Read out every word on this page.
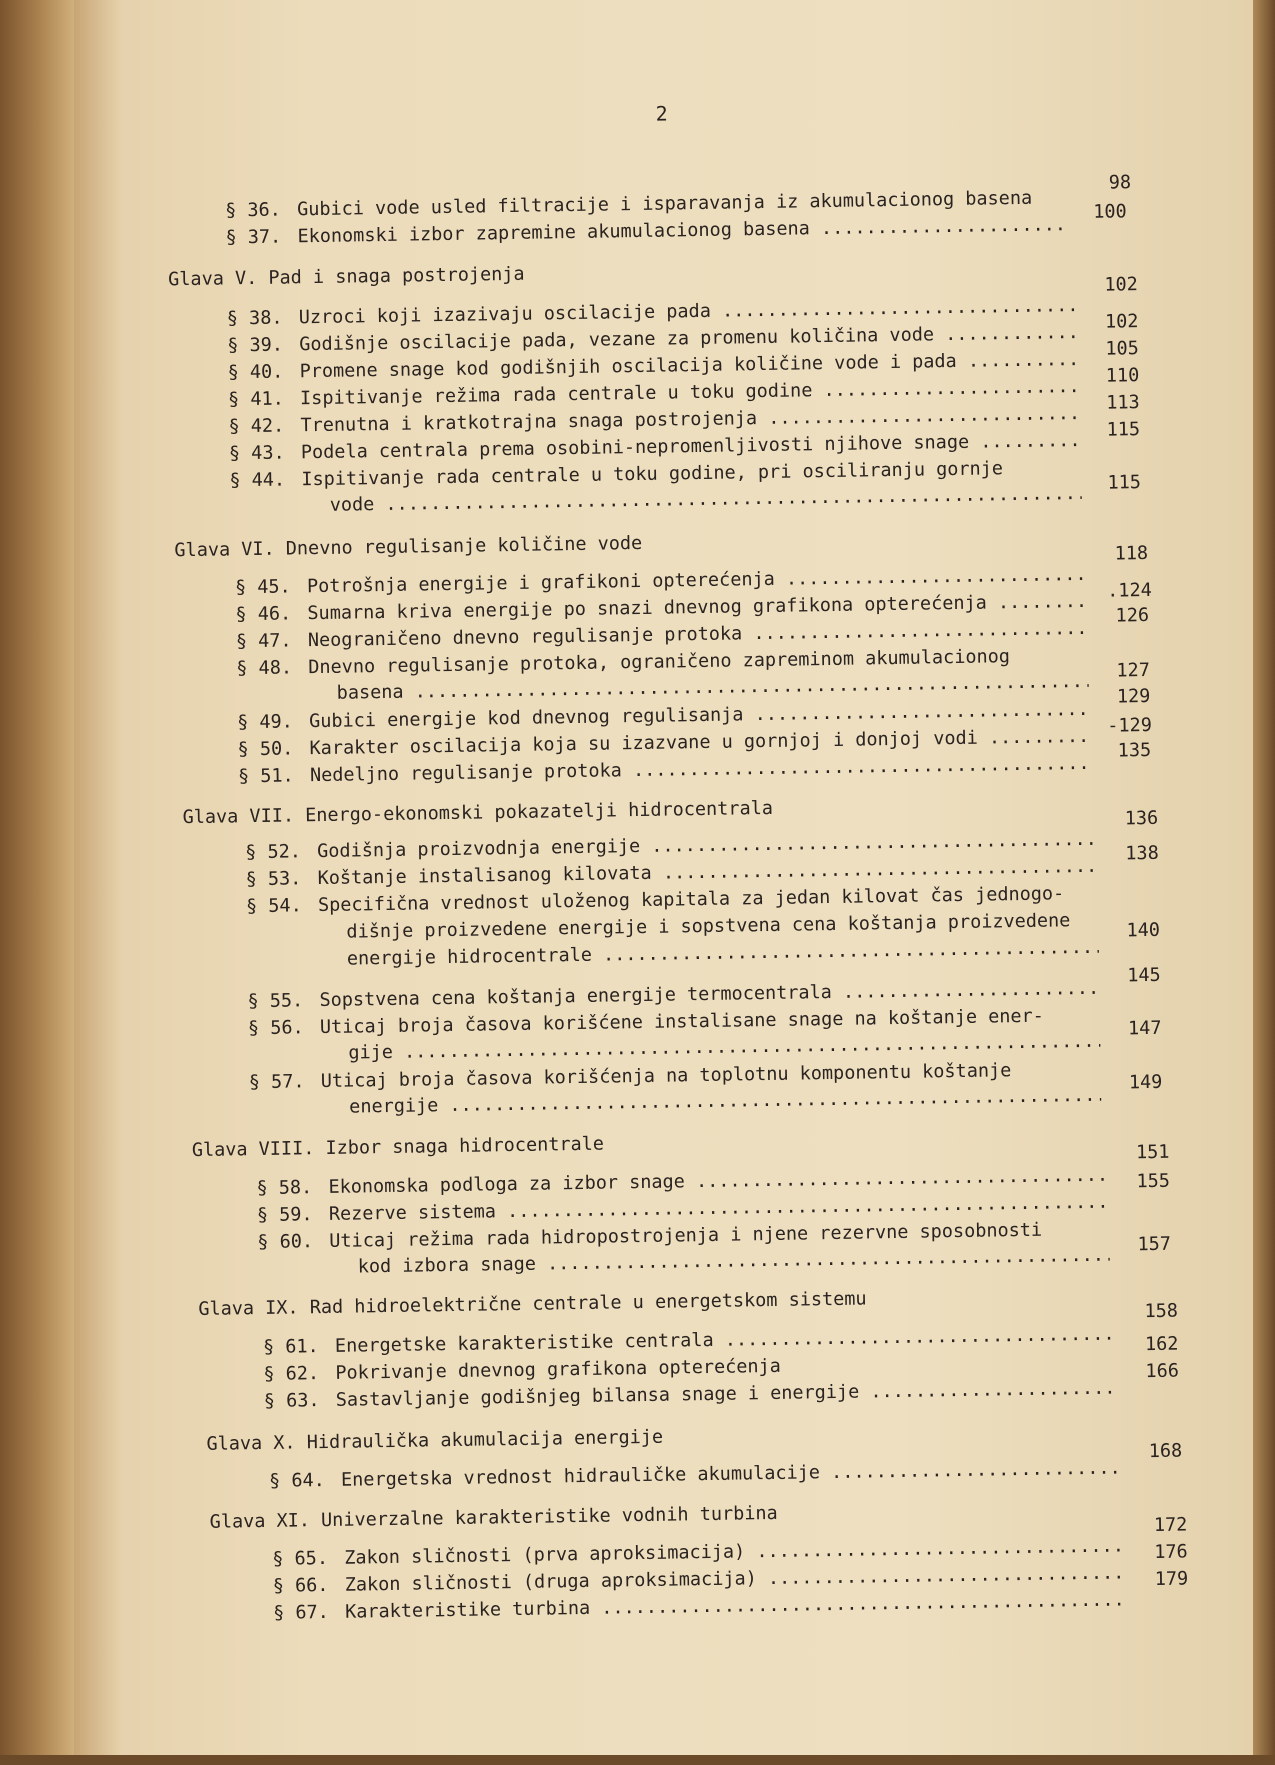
2
§ 36. Gubici vode usled filtracije i isparavanja iz akumulacionog basena
98
§ 37. Ekonomski izbor zapremine akumulacionog basena .....
100
Glava V. Pad i snaga postrojenja
§ 38. Uzroci koji izazivaju oscilacije pada .....
102
§ 39. Godišnje oscilacije pada, vezane za promenu količina vode .....
102
§ 40. Promene snage kod godišnjih oscilacija količine vode i pada .....
105
§ 41. Ispitivanje režima rada centrale u toku godine .....
110
§ 42. Trenutna i kratkotrajna snaga postrojenja .....
113
§ 43. Podela centrala prema osobini-nepromenljivosti njihove snage .....
115
§ 44. Ispitivanje rada centrale u toku godine, pri osciliranju gornje
vode .....
115
Glava VI. Dnevno regulisanje količine vode
§ 45. Potrošnja energije i grafikoni opterećenja .....
118
§ 46. Sumarna kriva energije po snazi dnevnog grafikona opterećenja .....
.124
§ 47. Neograničeno dnevno regulisanje protoka .....
126
§ 48. Dnevno regulisanje protoka, ograničeno zapreminom akumulacionog
basena .....
127
§ 49. Gubici energije kod dnevnog regulisanja .....
129
§ 50. Karakter oscilacija koja su izazvane u gornjoj i donjoj vodi .....
-129
§ 51. Nedeljno regulisanje protoka .....
135
Glava VII. Energo-ekonomski pokazatelji hidrocentrala
§ 52. Godišnja proizvodnja energije .....
136
§ 53. Koštanje instalisanog kilovata .....
138
§ 54. Specifična vrednost uloženog kapitala za jedan kilovat čas jednogo-
dišnje proizvedene energije i sopstvena cena koštanja proizvedene
energije hidrocentrale .....
140
§ 55. Sopstvena cena koštanja energije termocentrala .....
145
§ 56. Uticaj broja časova korišćene instalisane snage na koštanje ener-
gije .....
147
§ 57. Uticaj broja časova korišćenja na toplotnu komponentu koštanje
energije .....
149
Glava VIII. Izbor snaga hidrocentrale
§ 58. Ekonomska podloga za izbor snage .....
151
§ 59. Rezerve sistema .....
155
§ 60. Uticaj režima rada hidropostrojenja i njene rezervne sposobnosti
kod izbora snage .....
157
Glava IX. Rad hidroelektrične centrale u energetskom sistemu
§ 61. Energetske karakteristike centrala .....
158
§ 62. Pokrivanje dnevnog grafikona opterećenja
162
§ 63. Sastavljanje godišnjeg bilansa snage i energije .....
166
Glava X. Hidraulička akumulacija energije
§ 64. Energetska vrednost hidrauličke akumulacije .....
168
Glava XI. Univerzalne karakteristike vodnih turbina
§ 65. Zakon sličnosti (prva aproksimacija) .....
172
§ 66. Zakon sličnosti (druga aproksimacija) .....
176
§ 67. Karakteristike turbina .....
179
